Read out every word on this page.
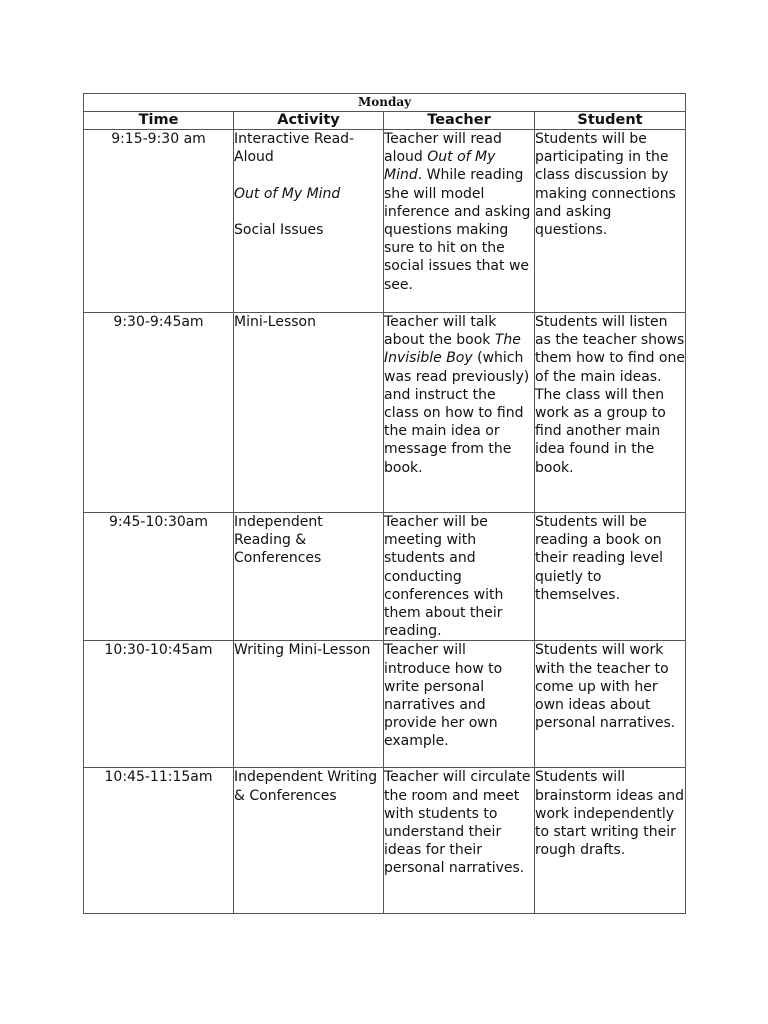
Monday			
Time	Activity	Teacher	Student
9:15-9:30 am	Interactive Read-Aloud
Out of My Mind
Social Issues	Teacher will read aloud Out of My Mind. While reading she will model inference and asking questions making sure to hit on the social issues that we see.	Students will be participating in the class discussion by making connections and asking questions.
9:30-9:45am	Mini-Lesson	Teacher will talk about the book The Invisible Boy (which was read previously) and instruct the class on how to find the main idea or message from the book.	Students will listen as the teacher shows them how to find one of the main ideas. The class will then work as a group to find another main idea found in the book.
9:45-10:30am	Independent Reading & Conferences	Teacher will be meeting with students and conducting conferences with them about their reading.	Students will be reading a book on their reading level quietly to themselves.
10:30-10:45am	Writing Mini-Lesson	Teacher will introduce how to write personal narratives and provide her own example.	Students will work with the teacher to come up with her own ideas about personal narratives.
10:45-11:15am	Independent Writing & Conferences	Teacher will circulate the room and meet with students to understand their ideas for their personal narratives.	Students will brainstorm ideas and work independently to start writing their rough drafts.
